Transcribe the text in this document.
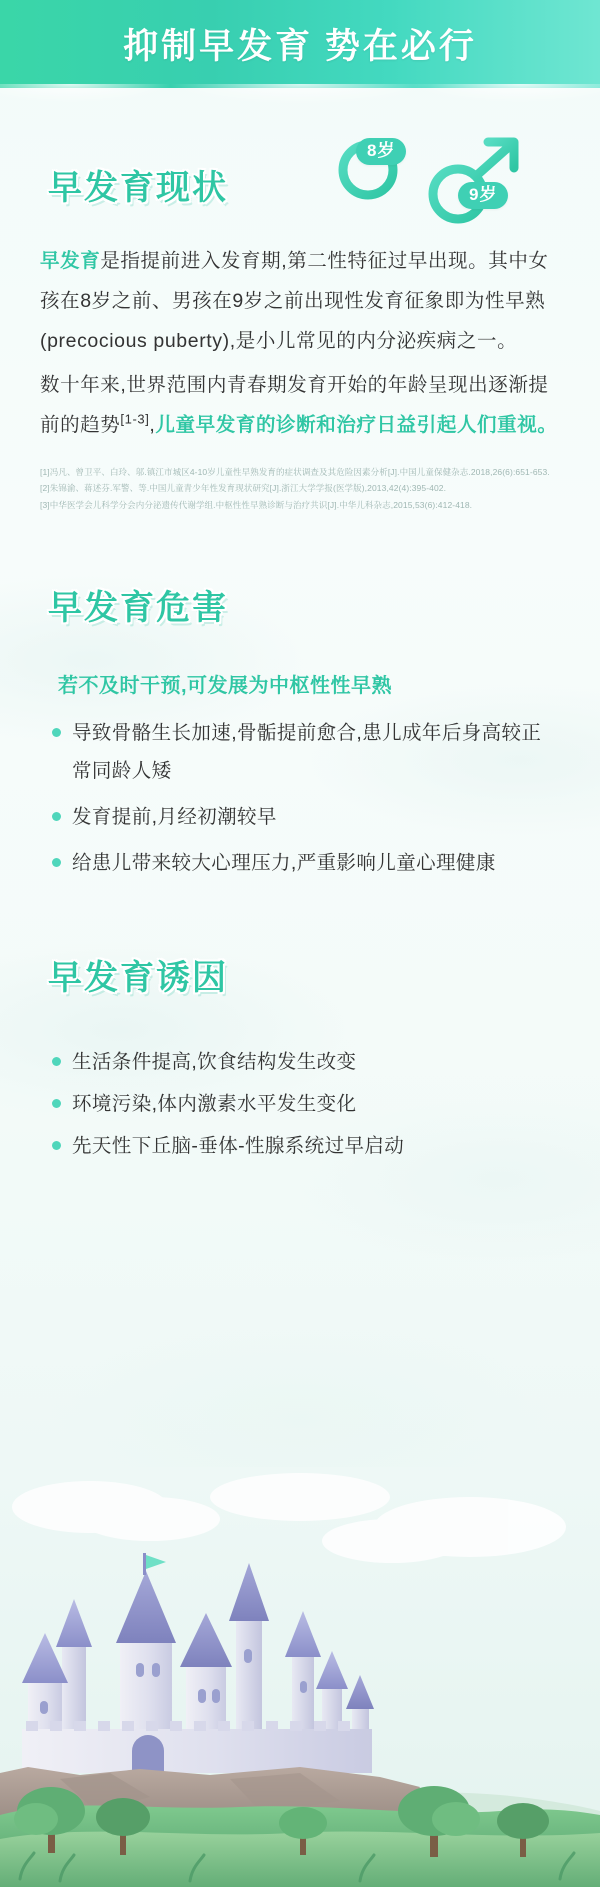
抑制早发育 势在必行
早发育现状
8岁
9岁

早发育是指提前进入发育期,第二性特征过早出现。其中女孩在8岁之前、男孩在9岁之前出现性发育征象即为性早熟(precocious puberty),是小儿常见的内分泌疾病之一。

数十年来,世界范围内青春期发育开始的年龄呈现出逐渐提前的趋势[1-3],儿童早发育的诊断和治疗日益引起人们重视。

[1]冯凡、曾卫平、白玲、邬.镇江市城区4-10岁儿童性早熟发育的症状调查及其危险因素分析[J].中国儿童保健杂志.2018,26(6):651-653.
[2]朱锦渝、蒋述芬.军警、等.中国儿童青少年性发育现状研究[J].浙江大学学报(医学版),2013,42(4):395-402.
[3]中华医学会儿科学分会内分泌遗传代谢学组.中枢性性早熟诊断与治疗共识[J].中华儿科杂志,2015,53(6):412-418.
早发育危害
若不及时干预,可发展为中枢性性早熟
导致骨骼生长加速,骨骺提前愈合,患儿成年后身高较正常同龄人矮
发育提前,月经初潮较早
给患儿带来较大心理压力,严重影响儿童心理健康
早发育诱因
生活条件提高,饮食结构发生改变
环境污染,体内激素水平发生变化
先天性下丘脑-垂体-性腺系统过早启动
